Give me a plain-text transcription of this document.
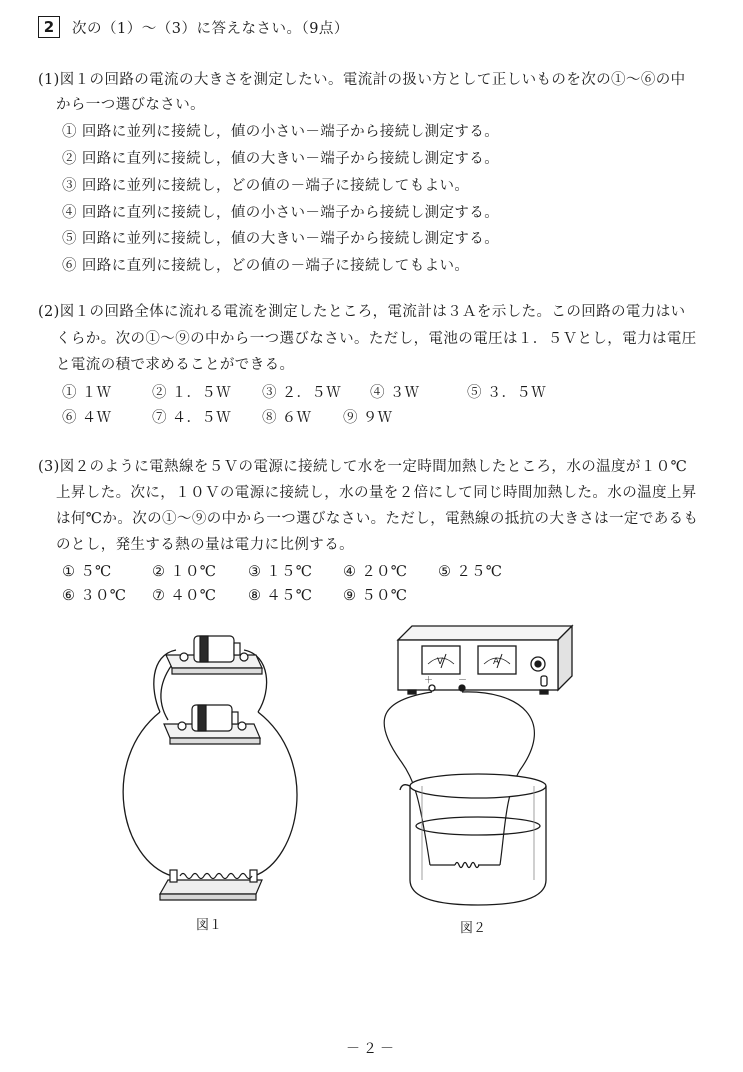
2	次の（1）～（3）に答えなさい。（9点）
(1)図１の回路の電流の大きさを測定したい。電流計の扱い方として正しいものを次の①～⑥の中
から一つ選びなさい。
① 回路に並列に接続し，値の小さい－端子から接続し測定する。
② 回路に直列に接続し，値の大きい－端子から接続し測定する。
③ 回路に並列に接続し，どの値の－端子に接続してもよい。
④ 回路に直列に接続し，値の小さい－端子から接続し測定する。
⑤ 回路に並列に接続し，値の大きい－端子から接続し測定する。
⑥ 回路に直列に接続し，どの値の－端子に接続してもよい。
(2)図１の回路全体に流れる電流を測定したところ，電流計は３Ａを示した。この回路の電力はい
くらか。次の①～⑨の中から一つ選びなさい。ただし，電池の電圧は１．５Ｖとし，電力は電圧
と電流の積で求めることができる。
① １Ｗ	② １．５Ｗ ③ ２．５Ｗ ④ ３Ｗ	⑤ ３．５Ｗ
⑥ ４Ｗ	⑦ ４．５Ｗ ⑧ ６Ｗ ⑨ ９Ｗ
(3)図２のように電熱線を５Ｖの電源に接続して水を一定時間加熱したところ，水の温度が１０℃
上昇した。次に，１０Ｖの電源に接続し，水の量を２倍にして同じ時間加熱した。水の温度上昇
は何℃か。次の①～⑨の中から一つ選びなさい。ただし，電熱線の抵抗の大きさは一定であるも
のとし，発生する熱の量は電力に比例する。
① ５℃	② １０℃ ③ １５℃ ④ ２０℃ ⑤ ２５℃
⑥ ３０℃ ⑦ ４０℃ ⑧ ４５℃ ⑨ ５０℃
＋	－
V	A
図１	図２
－２－
